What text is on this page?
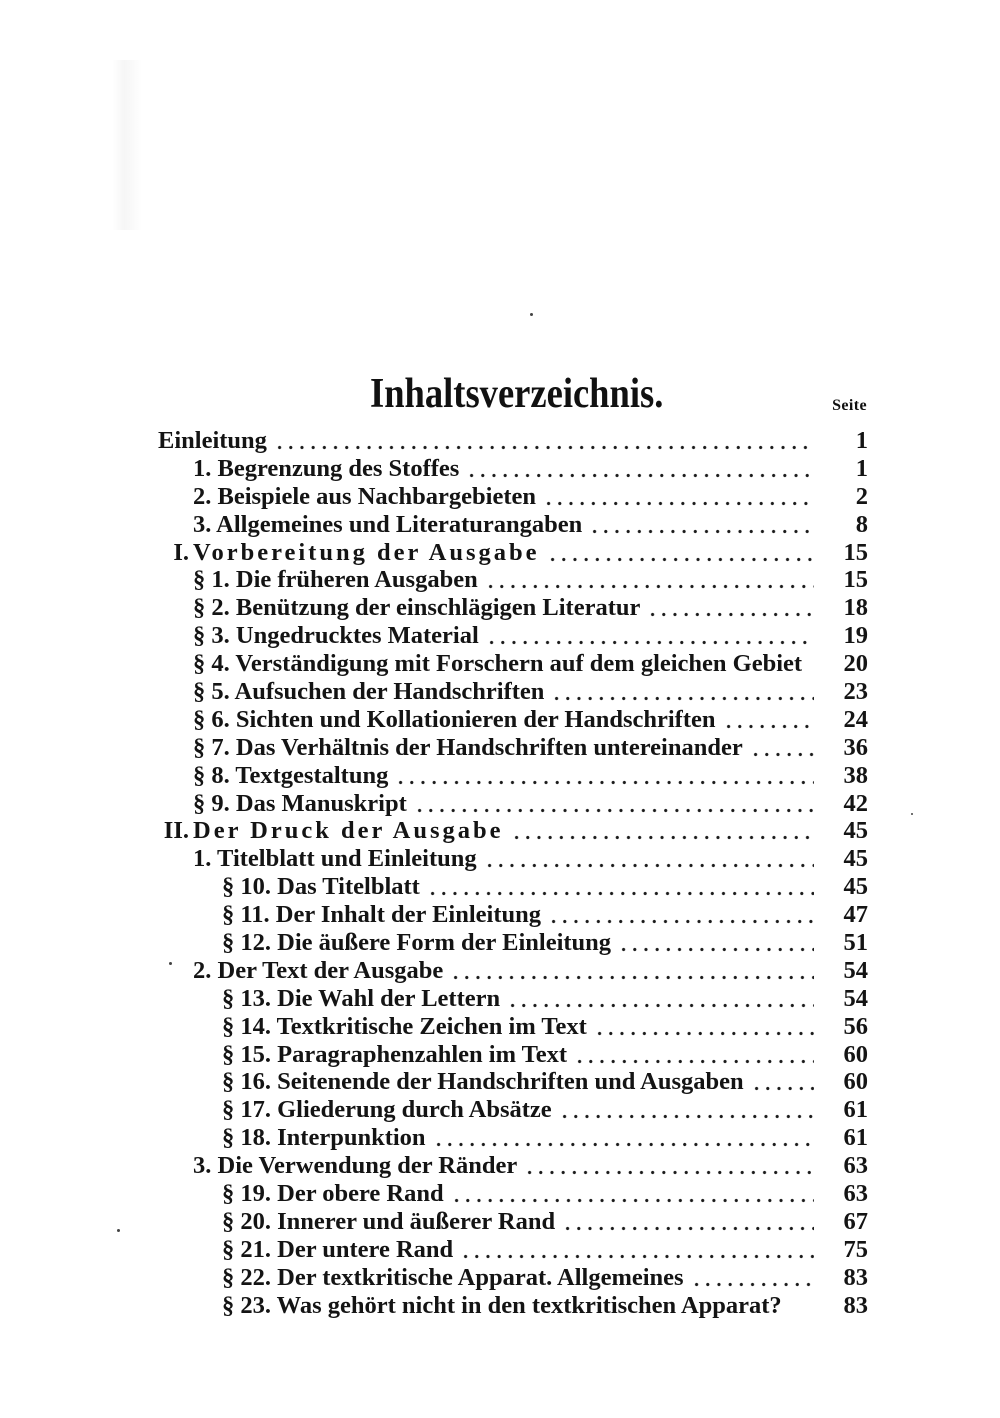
Inhaltsverzeichnis.	Seite
Einleitung	1
1. Begrenzung des Stoffes	1
2. Beispiele aus Nachbargebieten	2
3. Allgemeines und Literaturangaben	8
I. Vorbereitung der Ausgabe	15
§ 1. Die früheren Ausgaben	15
§ 2. Benützung der einschlägigen Literatur	18
§ 3. Ungedrucktes Material	19
§ 4. Verständigung mit Forschern auf dem gleichen Gebiet	20
§ 5. Aufsuchen der Handschriften	23
§ 6. Sichten und Kollationieren der Handschriften	24
§ 7. Das Verhältnis der Handschriften untereinander	36
§ 8. Textgestaltung	38
§ 9. Das Manuskript	42
II. Der Druck der Ausgabe	45
1. Titelblatt und Einleitung	45
§ 10. Das Titelblatt	45
§ 11. Der Inhalt der Einleitung	47
§ 12. Die äußere Form der Einleitung	51
2. Der Text der Ausgabe	54
§ 13. Die Wahl der Lettern	54
§ 14. Textkritische Zeichen im Text	56
§ 15. Paragraphenzahlen im Text	60
§ 16. Seitenende der Handschriften und Ausgaben	60
§ 17. Gliederung durch Absätze	61
§ 18. Interpunktion	61
3. Die Verwendung der Ränder	63
§ 19. Der obere Rand	63
§ 20. Innerer und äußerer Rand	67
§ 21. Der untere Rand	75
§ 22. Der textkritische Apparat. Allgemeines	83
§ 23. Was gehört nicht in den textkritischen Apparat?	83
